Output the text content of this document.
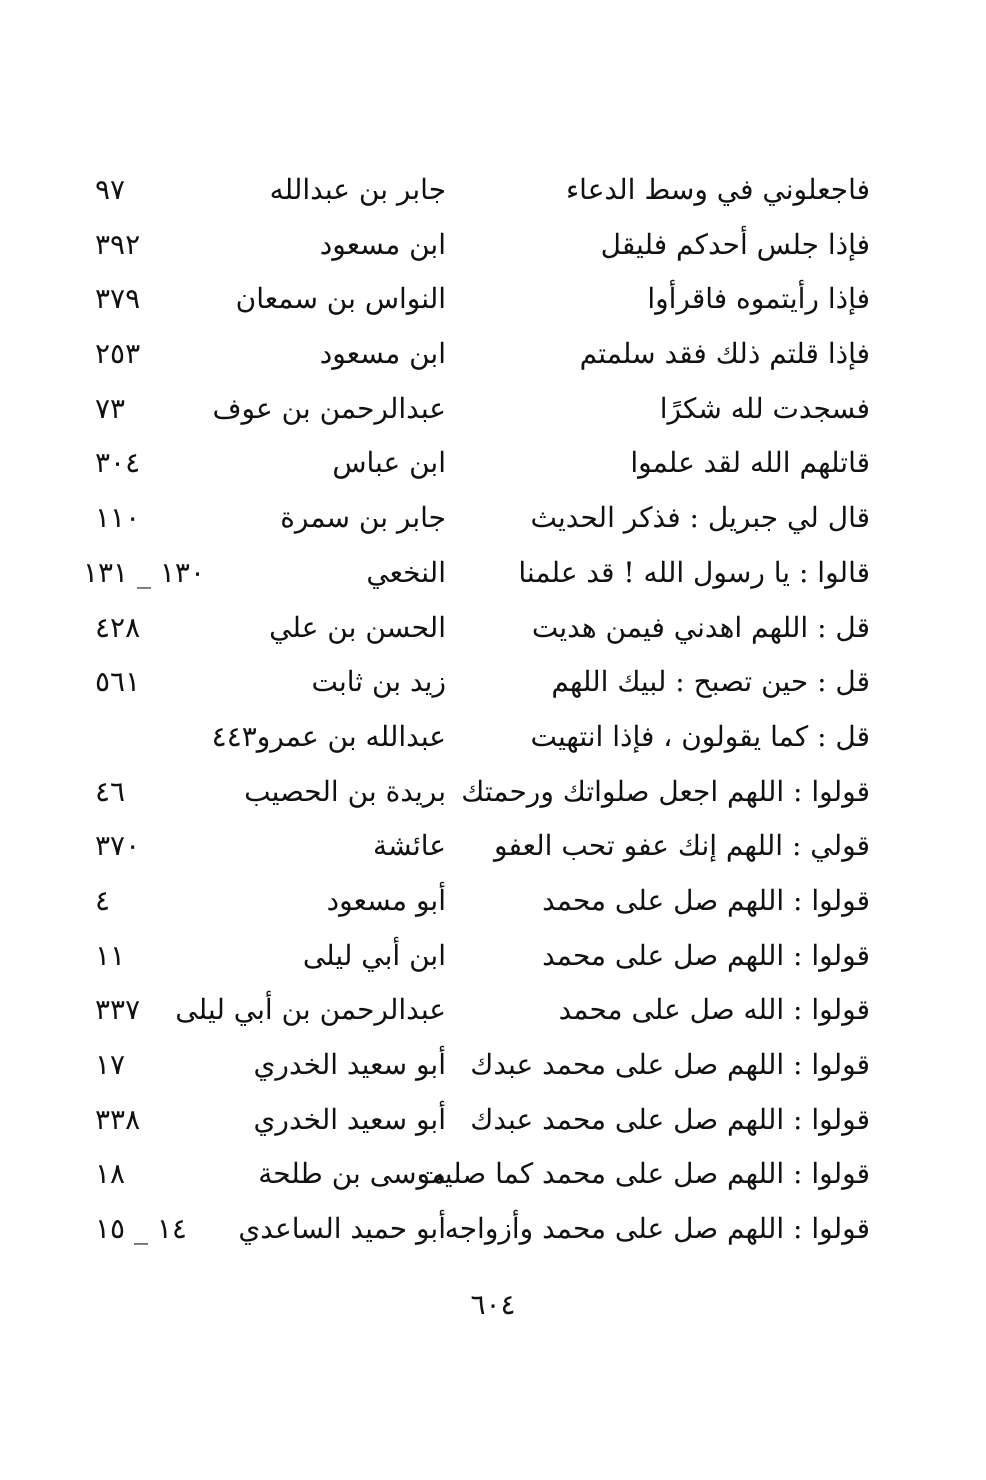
فاجعلوني في وسط الدعاء
جابر بن عبدالله
٩٧
فإذا جلس أحدكم فليقل
ابن مسعود
٣٩٢
فإذا رأيتموه فاقرأوا
النواس بن سمعان
٣٧٩
فإذا قلتم ذلك فقد سلمتم
ابن مسعود
٢٥٣
فسجدت لله شكرًا
عبدالرحمن بن عوف
٧٣
قاتلهم الله لقد علموا
ابن عباس
٣٠٤
قال لي جبريل : فذكر الحديث
جابر بن سمرة
١١٠
قالوا : يا رسول الله ! قد علمنا
النخعي
١٣٠ _ ١٣١
قل : اللهم اهدني فيمن هديت
الحسن بن علي
٤٢٨
قل : حين تصبح : لبيك اللهم
زيد بن ثابت
٥٦١
قل : كما يقولون ، فإذا انتهيت
عبدالله بن عمرو٤٤٣
قولوا : اللهم اجعل صلواتك ورحمتك
بريدة بن الحصيب
٤٦
قولي : اللهم إنك عفو تحب العفو
عائشة
٣٧٠
قولوا : اللهم صل على محمد
أبو مسعود
٤
قولوا : اللهم صل على محمد
ابن أبي ليلى
١١
قولوا : الله صل على محمد
عبدالرحمن بن أبي ليلى
٣٣٧
قولوا : اللهم صل على محمد عبدك
أبو سعيد الخدري
١٧
قولوا : اللهم صل على محمد عبدك
أبو سعيد الخدري
٣٣٨
قولوا : اللهم صل على محمد كما صليت
موسى بن طلحة
١٨
قولوا : اللهم صل على محمد وأزواجه
أبو حميد الساعدي
١٤ _ ١٥
٦٠٤
